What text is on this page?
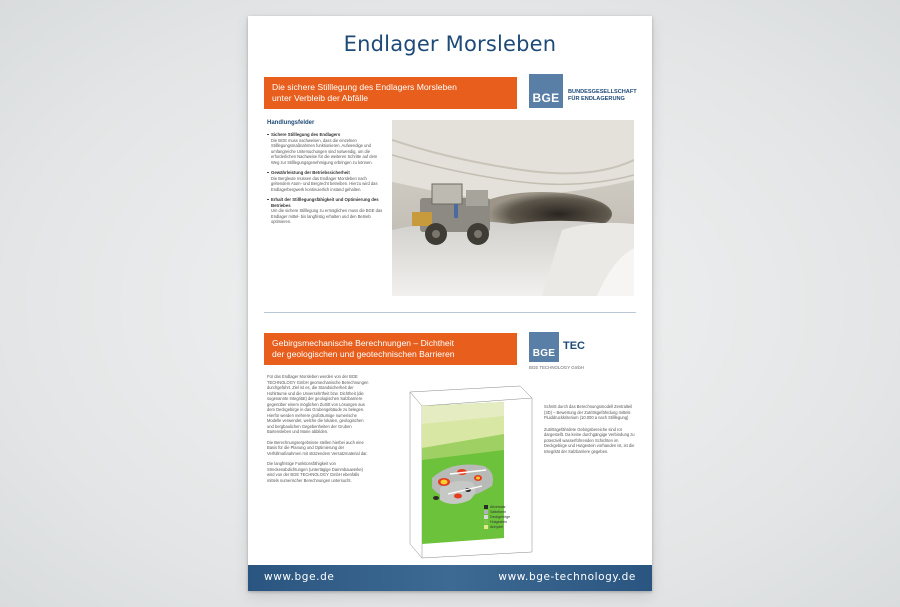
Endlager Morsleben
Die sichere Stilllegung des Endlagers Morsleben
unter Verbleib der Abfälle	BGE	BUNDESGESELLSCHAFT
FÜR ENDLAGERUNG
Handlungsfelder
Sichere Stilllegung des Endlagers
Die BGE muss nachweisen, dass die einzelnen Stilllegungsmaßnahmen funktionieren. Aufwendige und umfangreiche Untersuchungen sind notwendig, um die erforderlichen Nachweise für die weiteren Schritte auf dem Weg zur Stilllegungsgenehmigung erbringen zu können.
Gewährleistung der Betriebssicherheit
Die Bergleute müssen das Endlager Morsleben nach geltendem Atom- und Bergrecht betreiben. Hierzu wird das Endlagerbergwerk kontinuierlich instand gehalten.
Erhalt der Stilllegungsfähigkeit und Optimierung des Betriebes
Um die sichere Stilllegung zu ermöglichen muss die BGE das Endlager mittel- bis langfristig erhalten und den Betrieb optimieren.
Gebirgsmechanische Berechnungen – Dichtheit
der geologischen und geotechnischen Barrieren	BGE
TEC
BGE TECHNOLOGY GmbH

Für das Endlager Morsleben werden von der BGE TECHNOLOGY GmbH geomechanische Berechnungen durchgeführt. Ziel ist es, die Standsicherheit der Hohlräume und die Unversehrtheit bzw. Dichtheit (die sogenannte Integrität) der geologischen Salzbarriere gegenüber einem möglichen Zutritt von Lösungen aus dem Deckgebirge in das Grubengebäude zu belegen. Hierfür werden mehrere großräumige numerische Modelle verwendet, welche die lokalen, geologischen und bergbaulichen Gegebenheiten der Gruben Bartensleben und Marie abbilden.

Die Berechnungsergebnisse stellen hierbei auch eine Basis für die Planung und Optimierung der Verfüllmaßnahmen mit stützendem Versatzmaterial dar.

Die langfristige Funktionsfähigkeit von Streckenabdichtungen (untertägige Dammbauwerke) wird von der BGE TECHNOLOGY GmbH ebenfalls mittels numerischer Berechnungen untersucht.

Allversatz
Sattelkern
Deckgebirge
Hutgestein
Anhydrit

Schnitt durch das Berechnungsmodell Zentralteil (3D) – Bewertung der Zutrittsgefährdung mittels Fluiddruckkriterium (10.000 a nach Stilllegung)

Zutrittsgefährdete Gebirgsbereiche sind rot dargestellt. Da keine durchgängige Verbindung zu potenziell wasserführenden Schichten im Deckgebirge und Hutgestein vorhanden ist, ist die Integrität der Salzbarriere gegeben.

www.bge.de	www.bge-technology.de
